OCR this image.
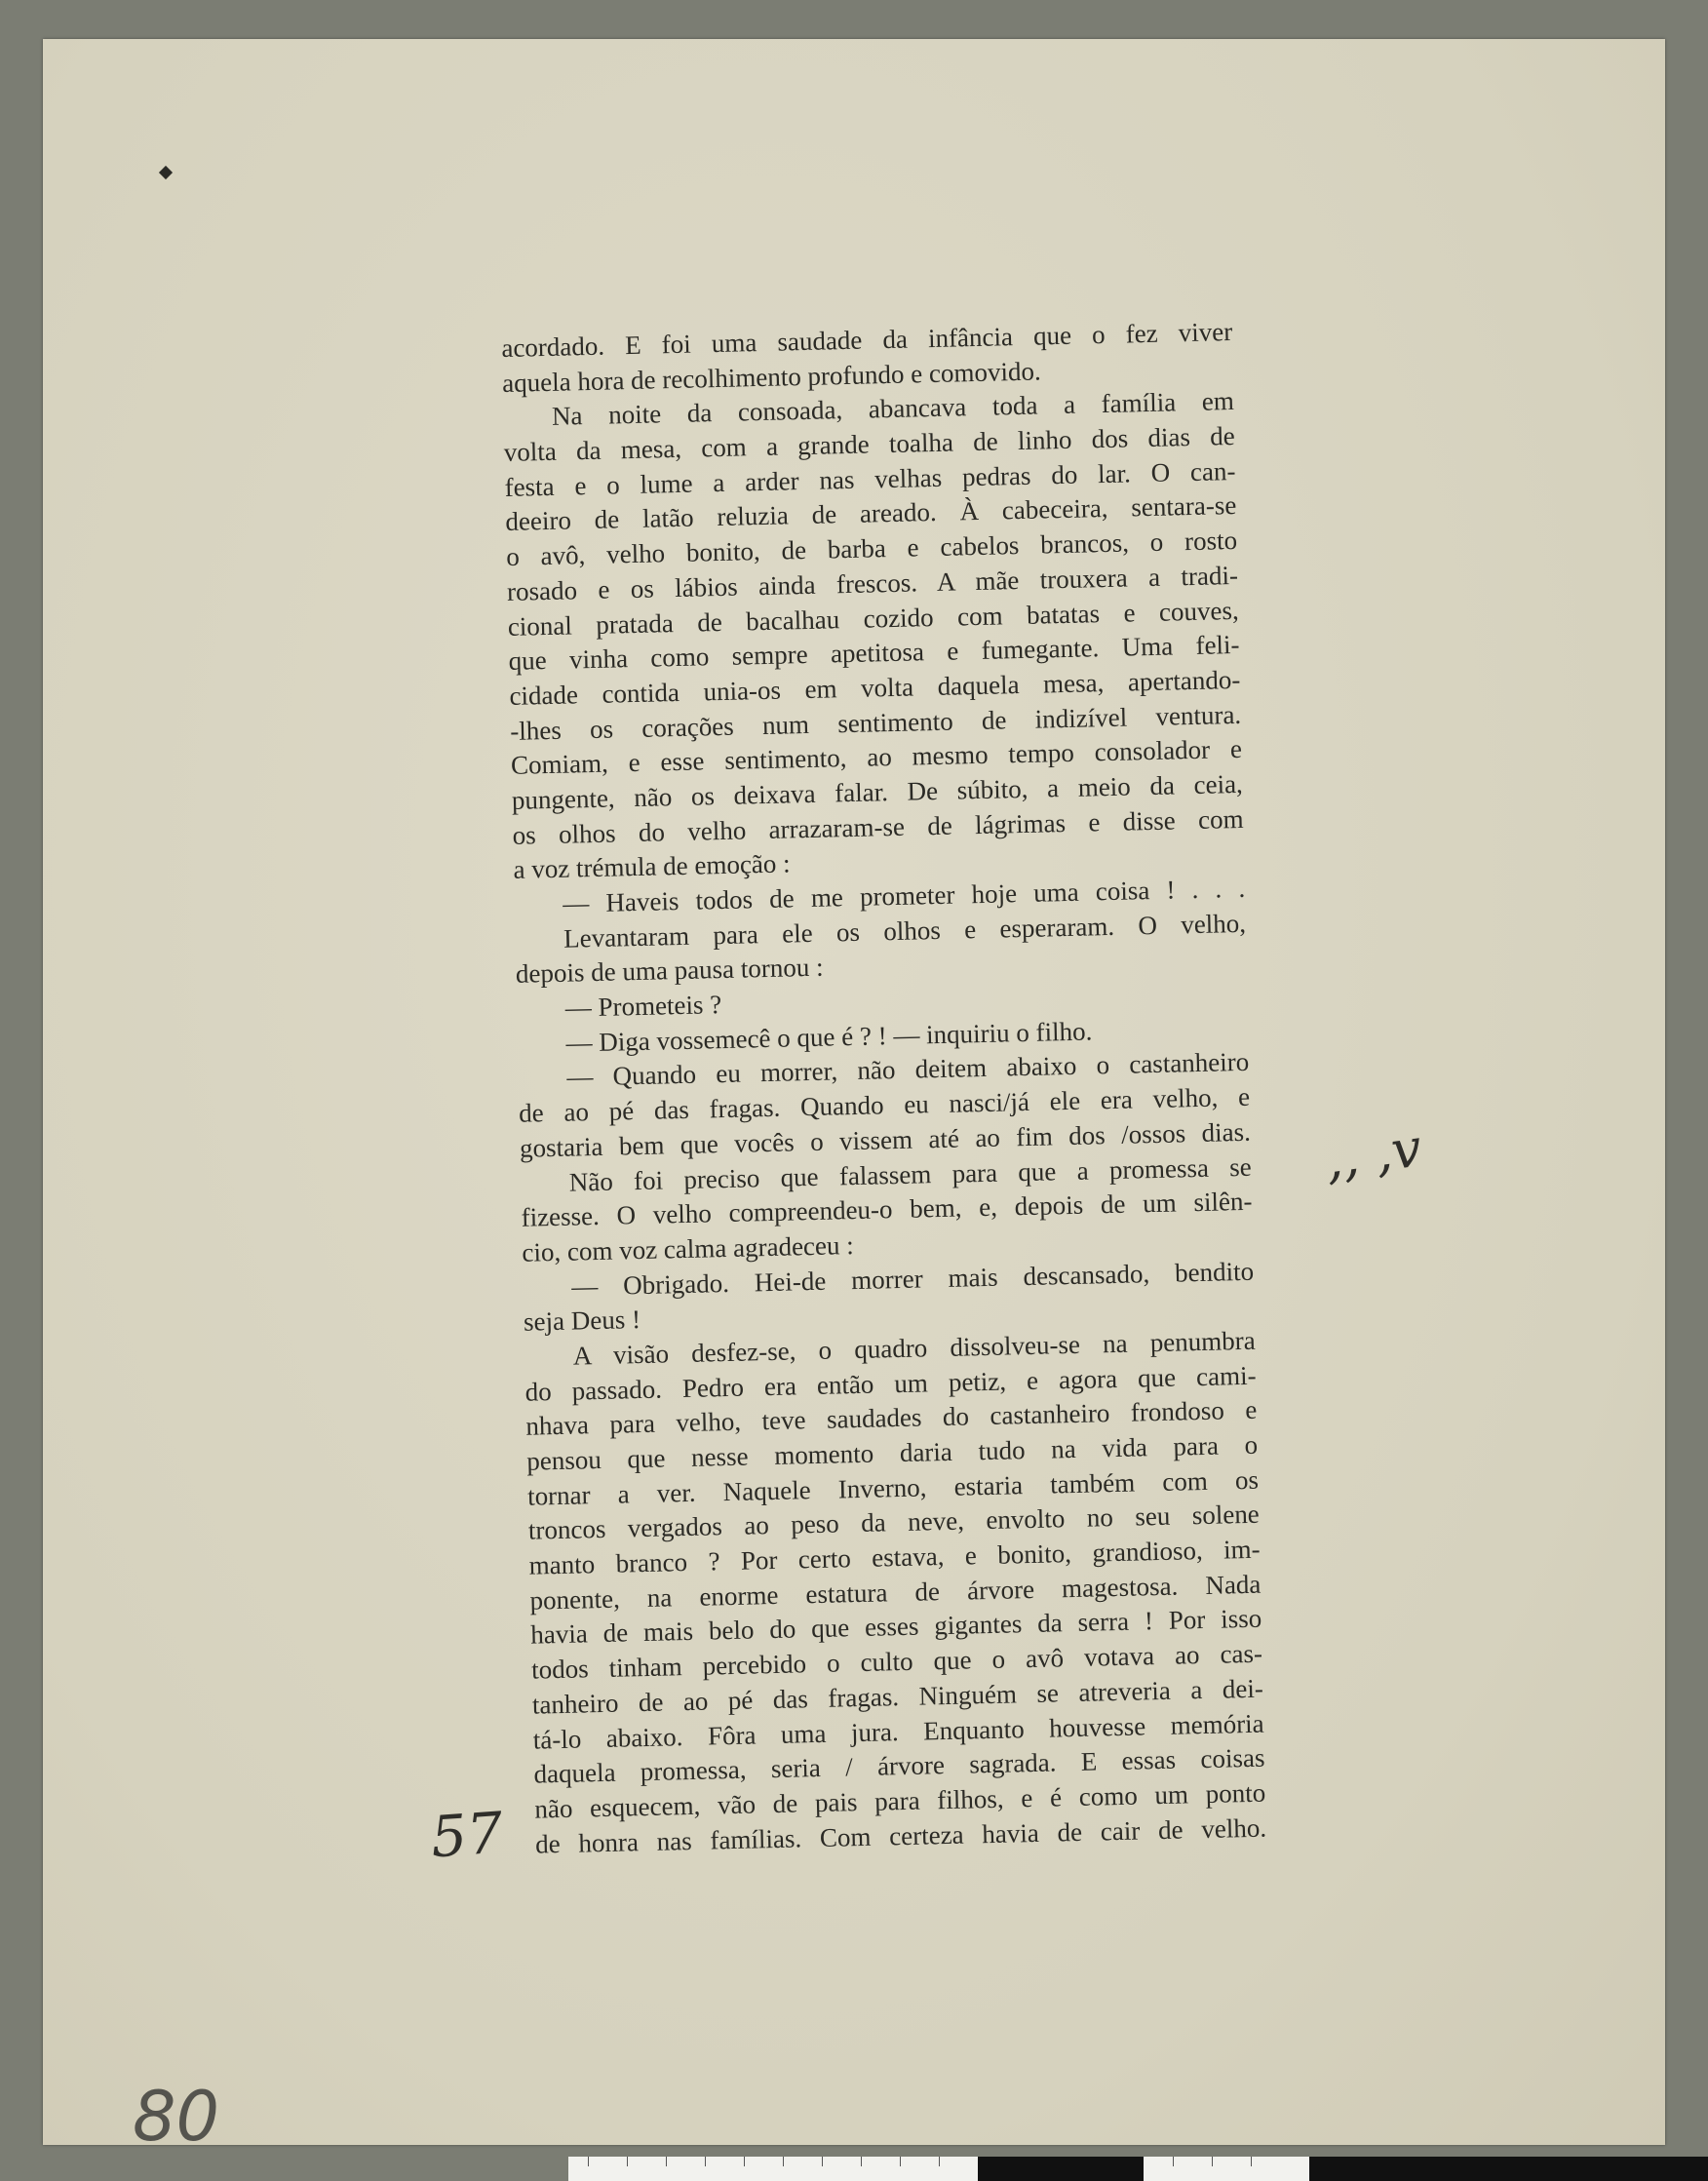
acordado. E foi uma saudade da infância que o fez viver
aquela hora de recolhimento profundo e comovido.
Na noite da consoada, abancava toda a família em
volta da mesa, com a grande toalha de linho dos dias de
festa e o lume a arder nas velhas pedras do lar. O can-
deeiro de latão reluzia de areado. À cabeceira, sentara-se
o avô, velho bonito, de barba e cabelos brancos, o rosto
rosado e os lábios ainda frescos. A mãe trouxera a tradi-
cional pratada de bacalhau cozido com batatas e couves,
que vinha como sempre apetitosa e fumegante. Uma feli-
cidade contida unia-os em volta daquela mesa, apertando-
-lhes os corações num sentimento de indizível ventura.
Comiam, e esse sentimento, ao mesmo tempo consolador e
pungente, não os deixava falar. De súbito, a meio da ceia,
os olhos do velho arrazaram-se de lágrimas e disse com
a voz trémula de emoção :
— Haveis todos de me prometer hoje uma coisa ! . . .
Levantaram para ele os olhos e esperaram. O velho,
depois de uma pausa tornou :
— Prometeis ?
— Diga vossemecê o que é ? ! — inquiriu o filho.
— Quando eu morrer, não deitem abaixo o castanheiro
de ao pé das fragas. Quando eu nasci/já ele era velho, e
gostaria bem que vocês o vissem até ao fim dos /ossos dias.
Não foi preciso que falassem para que a promessa se
fizesse. O velho compreendeu-o bem, e, depois de um silên-
cio, com voz calma agradeceu :
— Obrigado. Hei-de morrer mais descansado, bendito
seja Deus !
A visão desfez-se, o quadro dissolveu-se na penumbra
do passado. Pedro era então um petiz, e agora que cami-
nhava para velho, teve saudades do castanheiro frondoso e
pensou que nesse momento daria tudo na vida para o
tornar a ver. Naquele Inverno, estaria também com os
troncos vergados ao peso da neve, envolto no seu solene
manto branco ? Por certo estava, e bonito, grandioso, im-
ponente, na enorme estatura de árvore magestosa. Nada
havia de mais belo do que esses gigantes da serra ! Por isso
todos tinham percebido o culto que o avô votava ao cas-
tanheiro de ao pé das fragas. Ninguém se atreveria a dei-
tá-lo abaixo. Fôra uma jura. Enquanto houvesse memória
daquela promessa, seria / árvore sagrada. E essas coisas
não esquecem, vão de pais para filhos, e é como um ponto
de honra nas famílias. Com certeza havia de cair de velho.
,, ,v
57
80
